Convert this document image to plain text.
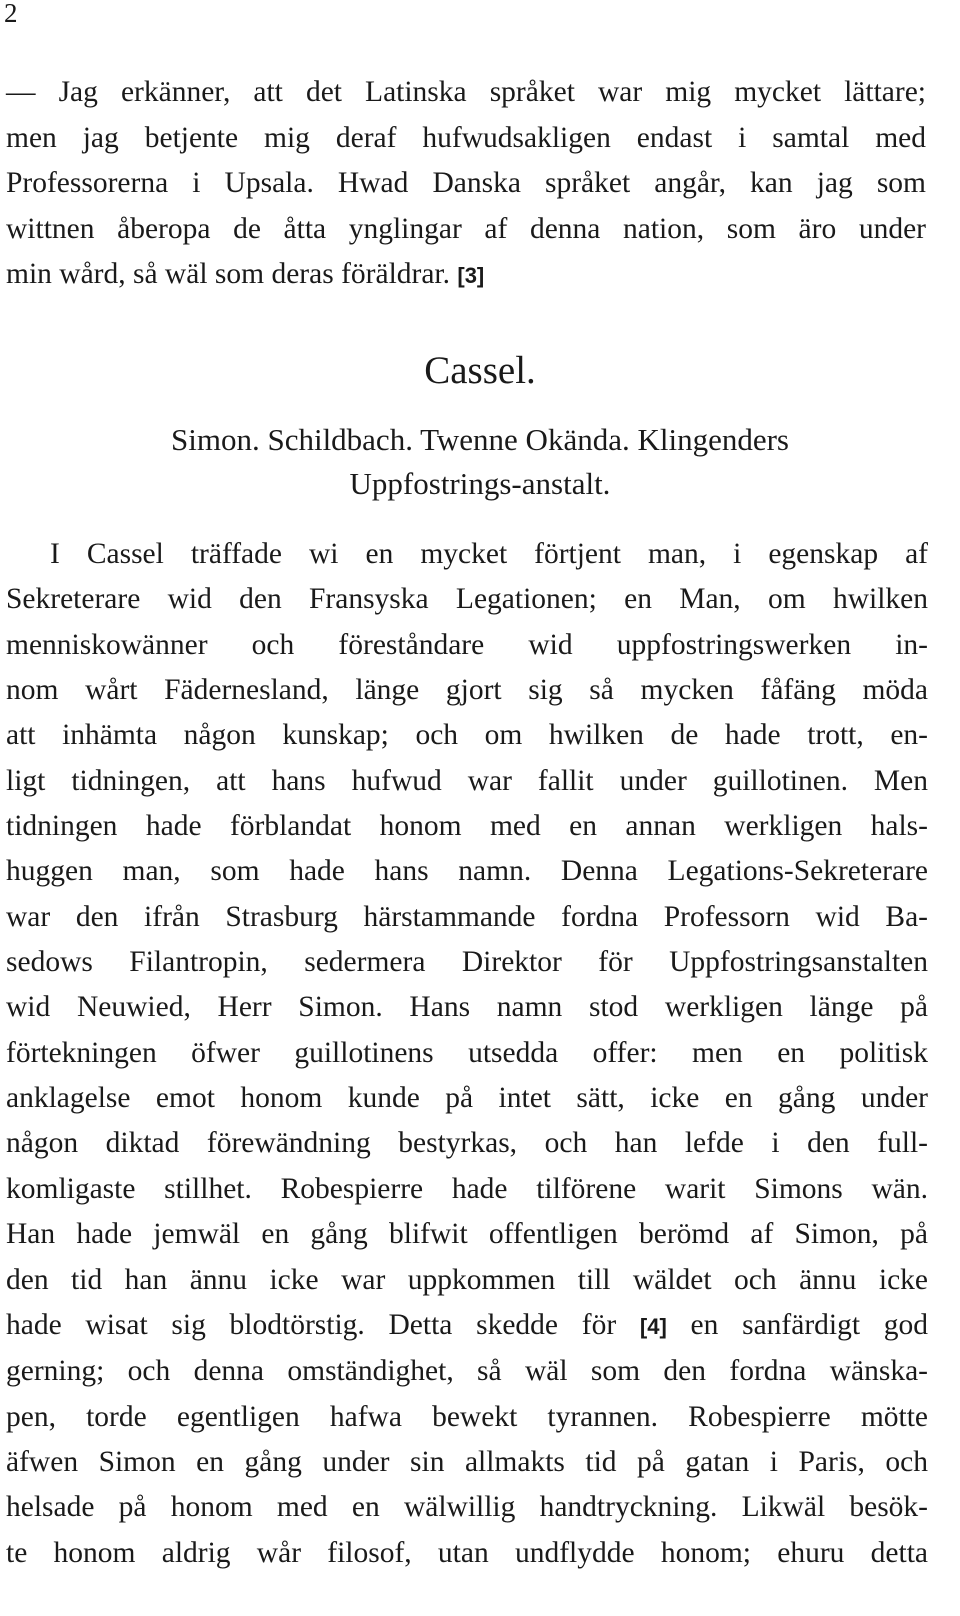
2
— Jag erkänner, att det Latinska språket war mig mycket lättare;
men jag betjente mig deraf hufwudsakligen endast i samtal med
Professorerna i Upsala. Hwad Danska språket angår, kan jag som
wittnen åberopa de åtta ynglingar af denna nation, som äro under
min wård, så wäl som deras föräldrar. [3]
Cassel.
Simon. Schildbach. Twenne Okända. Klingenders
Uppfostrings-anstalt.
I Cassel träffade wi en mycket förtjent man, i egenskap af
Sekreterare wid den Fransyska Legationen; en Man, om hwilken
menniskowänner och föreståndare wid uppfostringswerken in-
nom wårt Fädernesland, länge gjort sig så mycken fåfäng möda
att inhämta någon kunskap; och om hwilken de hade trott, en-
ligt tidningen, att hans hufwud war fallit under guillotinen. Men
tidningen hade förblandat honom med en annan werkligen hals-
huggen man, som hade hans namn. Denna Legations-Sekreterare
war den ifrån Strasburg härstammande fordna Professorn wid Ba-
sedows Filantropin, sedermera Direktor för Uppfostringsanstalten
wid Neuwied, Herr Simon. Hans namn stod werkligen länge på
förtekningen öfwer guillotinens utsedda offer: men en politisk
anklagelse emot honom kunde på intet sätt, icke en gång under
någon diktad förewändning bestyrkas, och han lefde i den full-
komligaste stillhet. Robespierre hade tilförene warit Simons wän.
Han hade jemwäl en gång blifwit offentligen berömd af Simon, på
den tid han ännu icke war uppkommen till wäldet och ännu icke
hade wisat sig blodtörstig. Detta skedde för [4] en sanfärdigt god
gerning; och denna omständighet, så wäl som den fordna wänska-
pen, torde egentligen hafwa bewekt tyrannen. Robespierre mötte
äfwen Simon en gång under sin allmakts tid på gatan i Paris, och
helsade på honom med en wälwillig handtryckning. Likwäl besök-
te honom aldrig wår filosof, utan undflydde honom; ehuru detta
